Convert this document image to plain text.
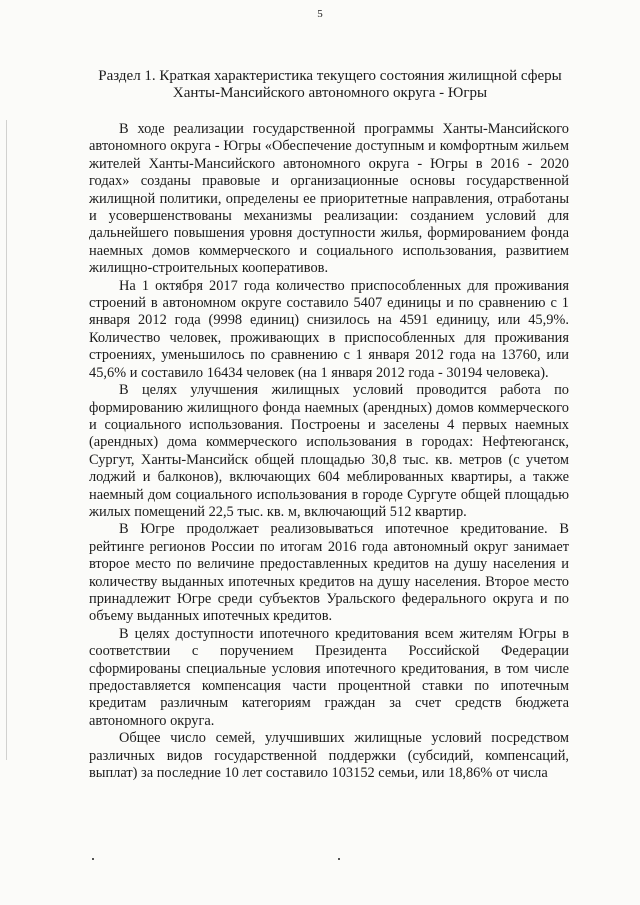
5
Раздел 1. Краткая характеристика текущего состояния жилищной сферы
Ханты-Мансийского автономного округа - Югры

В ходе реализации государственной программы Ханты-Мансийского автономного округа - Югры «Обеспечение доступным и комфортным жильем жителей Ханты-Мансийского автономного округа - Югры в 2016 - 2020 годах» созданы правовые и организационные основы государственной жилищной политики, определены ее приоритетные направления, отработаны и усовершенствованы механизмы реализации: созданием условий для дальнейшего повышения уровня доступности жилья, формированием фонда наемных домов коммерческого и социального использования, развитием жилищно-строительных кооперативов.

На 1 октября 2017 года количество приспособленных для проживания строений в автономном округе составило 5407 единицы и по сравнению с 1 января 2012 года (9998 единиц) снизилось на 4591 единицу, или 45,9%. Количество человек, проживающих в приспособленных для проживания строениях, уменьшилось по сравнению с 1 января 2012 года на 13760, или 45,6% и составило 16434 человек (на 1 января 2012 года - 30194 человека).

В целях улучшения жилищных условий проводится работа по формированию жилищного фонда наемных (арендных) домов коммерческого и социального использования. Построены и заселены 4 первых наемных (арендных) дома коммерческого использования в городах: Нефтеюганск, Сургут, Ханты-Мансийск общей площадью 30,8 тыс. кв. метров (с учетом лоджий и балконов), включающих 604 меблированных квартиры, а также наемный дом социального использования в городе Сургуте общей площадью жилых помещений 22,5 тыс. кв. м, включающий 512 квартир.

В Югре продолжает реализовываться ипотечное кредитование. В рейтинге регионов России по итогам 2016 года автономный округ занимает второе место по величине предоставленных кредитов на душу населения и количеству выданных ипотечных кредитов на душу населения. Второе место принадлежит Югре среди субъектов Уральского федерального округа и по объему выданных ипотечных кредитов.

В целях доступности ипотечного кредитования всем жителям Югры в соответствии с поручением Президента Российской Федерации сформированы специальные условия ипотечного кредитования, в том числе предоставляется компенсация части процентной ставки по ипотечным кредитам различным категориям граждан за счет средств бюджета автономного округа.

Общее число семей, улучшивших жилищные условий посредством различных видов государственной поддержки (субсидий, компенсаций, выплат) за последние 10 лет составило 103152 семьи, или 18,86% от числа
